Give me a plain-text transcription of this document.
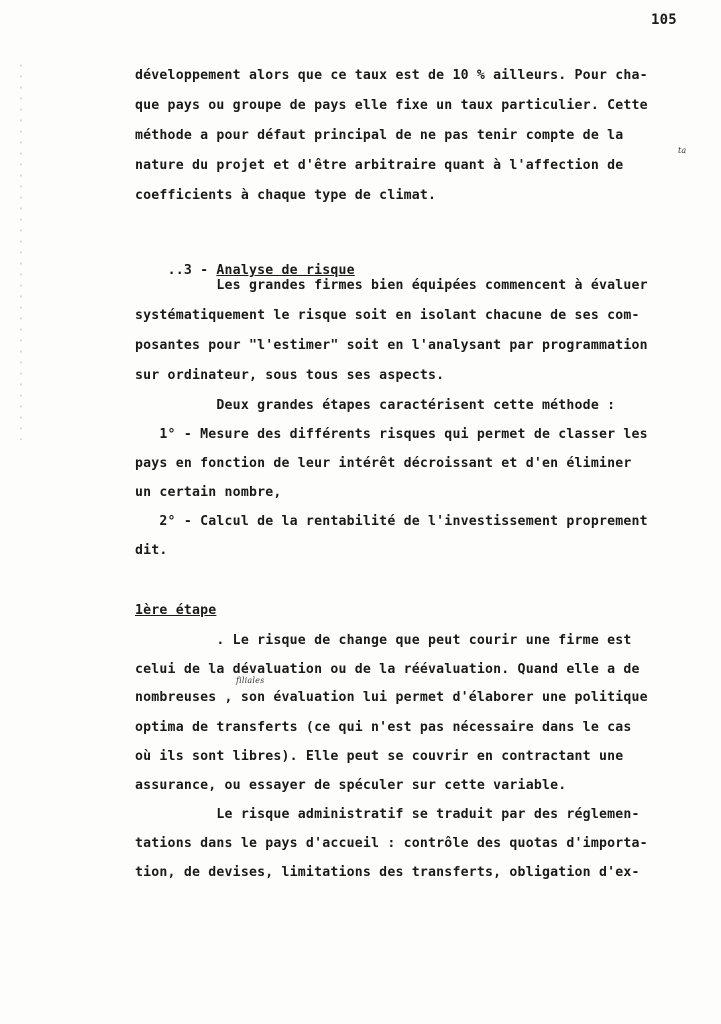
105
développement alors que ce taux est de 10 % ailleurs. Pour cha-
que pays ou groupe de pays elle fixe un taux particulier. Cette
méthode a pour défaut principal de ne pas tenir compte de la
nature du projet et d'être arbitraire quant à l'affection de
ta
coefficients à chaque type de climat.

..3 - Analyse de risque

Les grandes firmes bien équipées commencent à évaluer
systématiquement le risque soit en isolant chacune de ses com-
posantes pour "l'estimer" soit en l'analysant par programmation
sur ordinateur, sous tous ses aspects.
Deux grandes étapes caractérisent cette méthode :
1° - Mesure des différents risques qui permet de classer les
pays en fonction de leur intérêt décroissant et d'en éliminer
un certain nombre,
2° - Calcul de la rentabilité de l'investissement proprement
dit.
1ère étape
. Le risque de change que peut courir une firme est
celui de la dévaluation ou de la réévaluation. Quand elle a de
filiales
nombreuses , son évaluation lui permet d'élaborer une politique
optima de transferts (ce qui n'est pas nécessaire dans le cas
où ils sont libres). Elle peut se couvrir en contractant une
assurance, ou essayer de spéculer sur cette variable.
Le risque administratif se traduit par des réglemen-
tations dans le pays d'accueil : contrôle des quotas d'importa-
tion, de devises, limitations des transferts, obligation d'ex-
